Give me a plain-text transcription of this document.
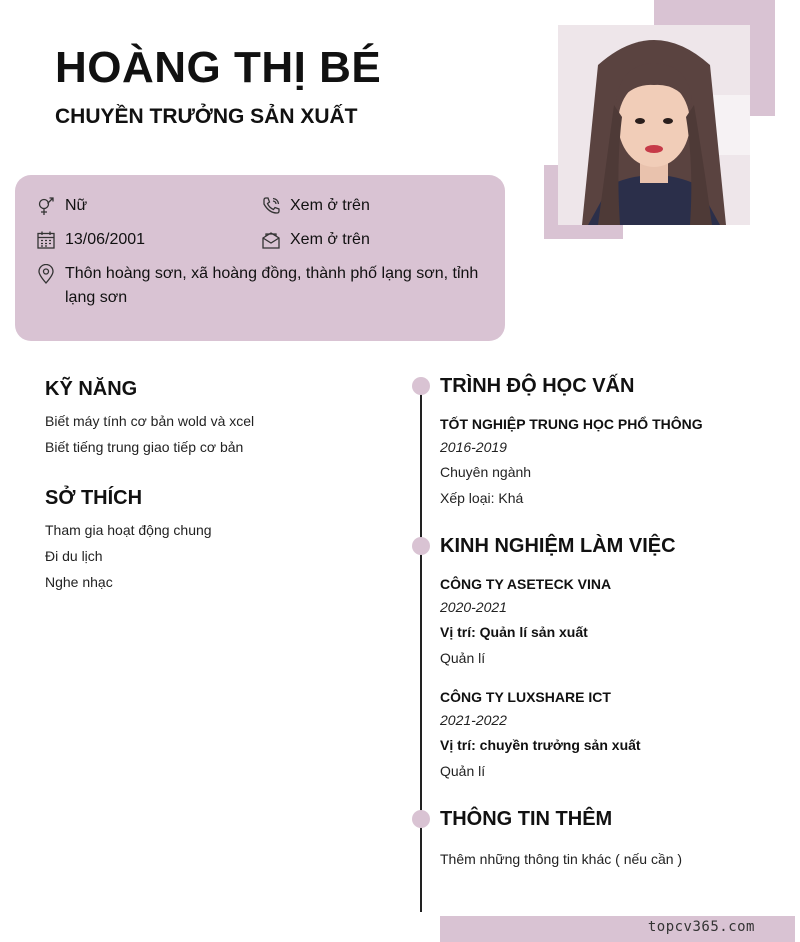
HOÀNG THỊ BÉ
CHUYỀN TRƯỞNG SẢN XUẤT
Nữ	Xem ở trên
13/06/2001	Xem ở trên
Thôn hoàng sơn, xã hoàng đồng, thành phố lạng sơn, tỉnh lạng sơn
KỸ NĂNG
Biết máy tính cơ bản wold và xcel
Biết tiếng trung giao tiếp cơ bản
SỞ THÍCH
Tham gia hoạt động chung
Đi du lịch
Nghe nhạc
TRÌNH ĐỘ HỌC VẤN
TỐT NGHIỆP TRUNG HỌC PHỔ THÔNG
2016-2019
Chuyên ngành
Xếp loại: Khá
KINH NGHIỆM LÀM VIỆC
CÔNG TY ASETECK VINA
2020-2021
Vị trí: Quản lí sản xuất
Quản lí
CÔNG TY LUXSHARE ICT
2021-2022
Vị trí: chuyền trưởng sản xuất
Quản lí
THÔNG TIN THÊM
Thêm những thông tin khác ( nếu cần )
topcv365.com
